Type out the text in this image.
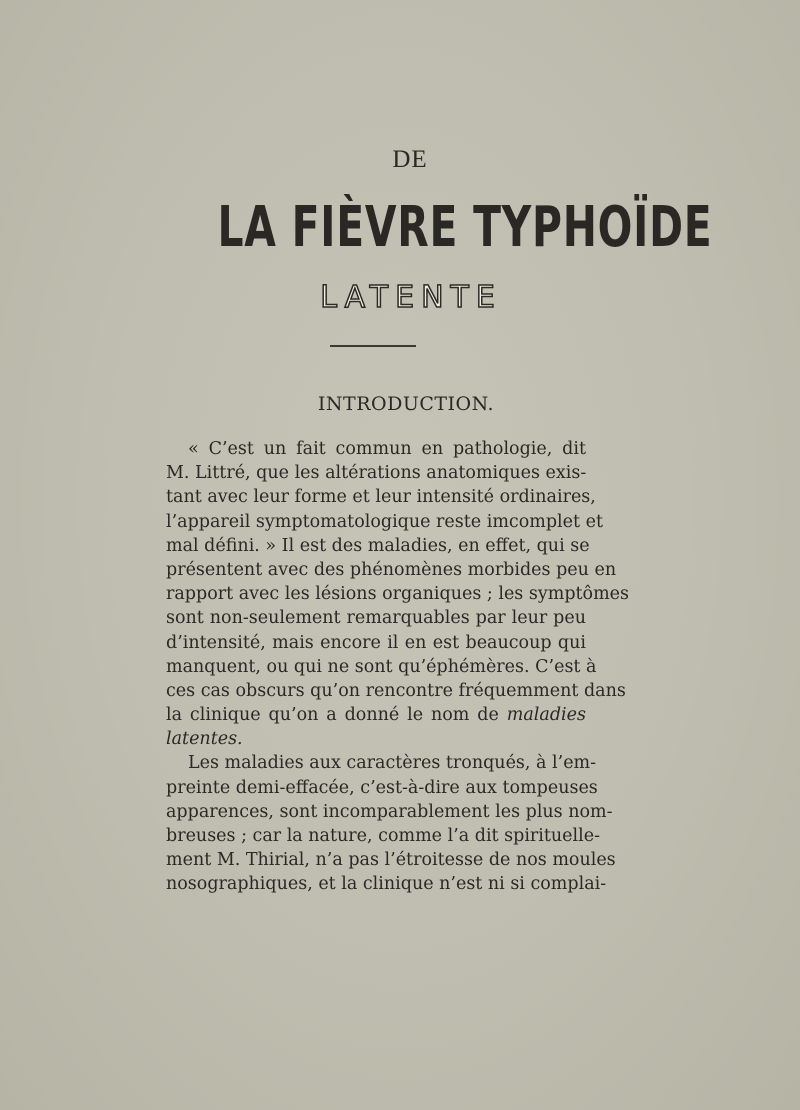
DE
LA FIÈVRE TYPHOÏDE
LATENTE
INTRODUCTION.
« C’est un fait commun en pathologie, dit
M. Littré, que les altérations anatomiques exis-
tant avec leur forme et leur intensité ordinaires,
l’appareil symptomatologique reste imcomplet et
mal défini. » Il est des maladies, en effet, qui se
présentent avec des phénomènes morbides peu en
rapport avec les lésions organiques ; les symptômes
sont non-seulement remarquables par leur peu
d’intensité, mais encore il en est beaucoup qui
manquent, ou qui ne sont qu’éphémères. C’est à
ces cas obscurs qu’on rencontre fréquemment dans
la clinique qu’on a donné le nom de maladies
latentes.
Les maladies aux caractères tronqués, à l’em-
preinte demi-effacée, c’est-à-dire aux tompeuses
apparences, sont incomparablement les plus nom-
breuses ; car la nature, comme l’a dit spirituelle-
ment M. Thirial, n’a pas l’étroitesse de nos moules
nosographiques, et la clinique n’est ni si complai-
